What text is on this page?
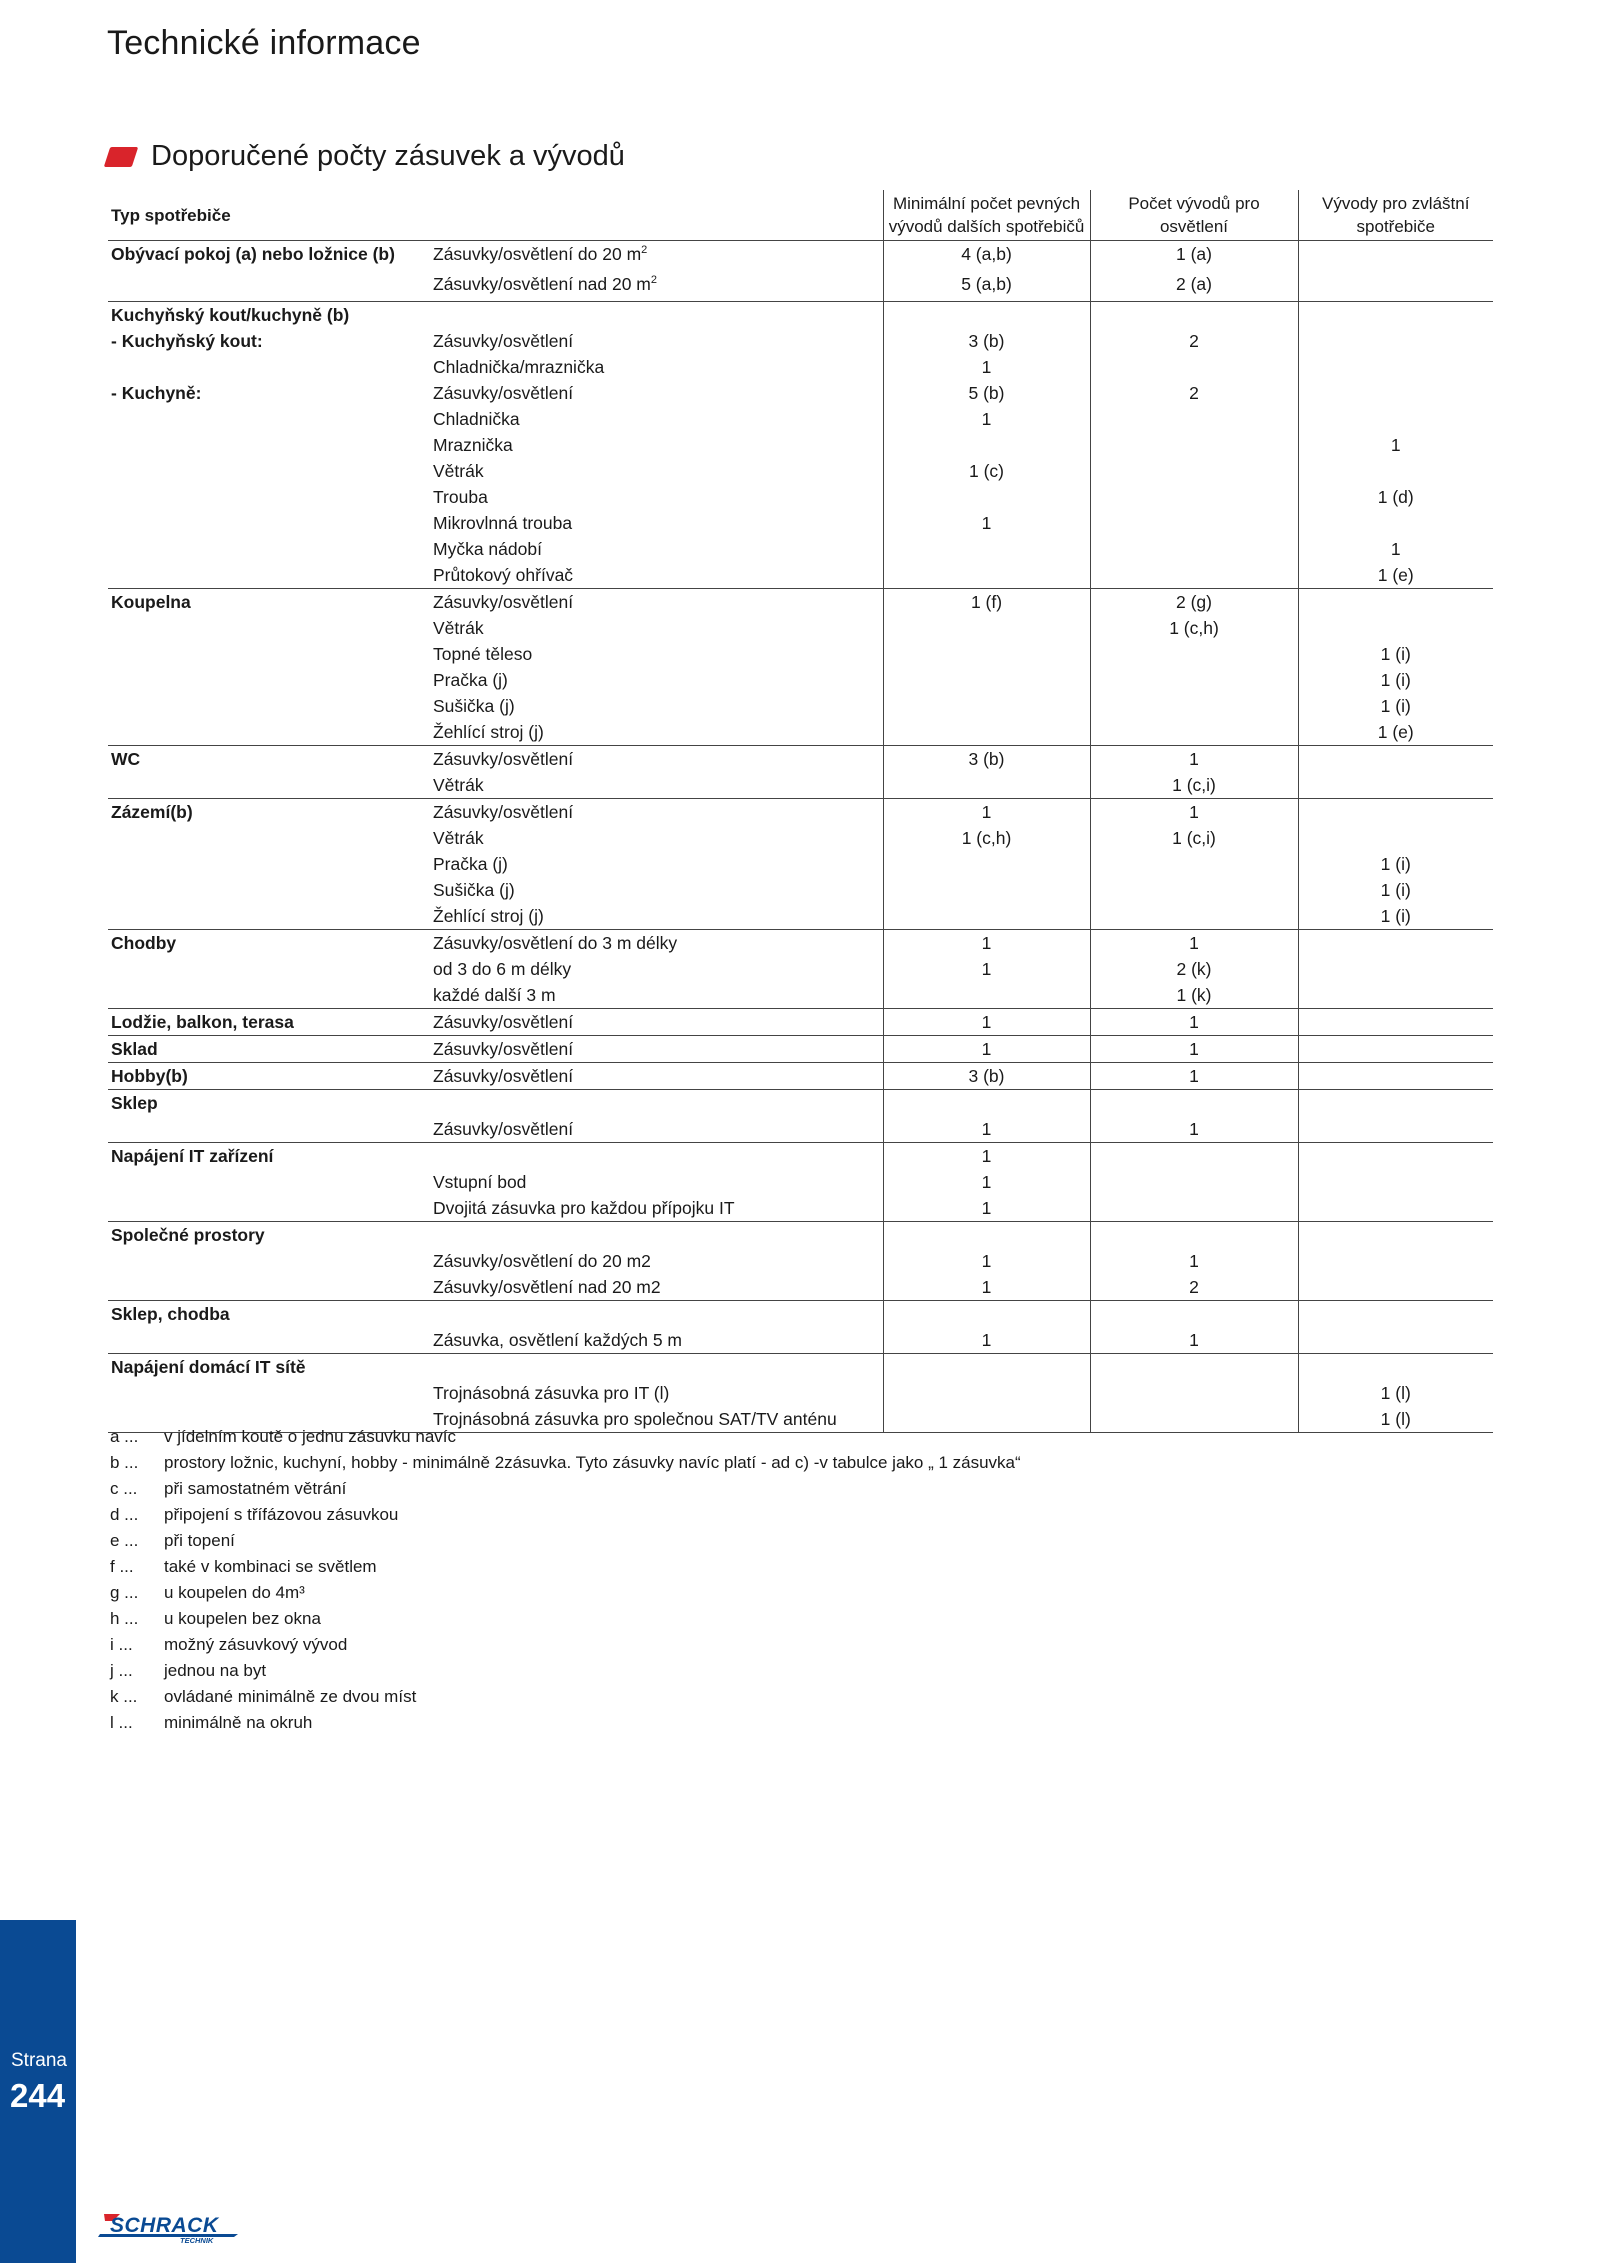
Technické informace
Doporučené počty zásuvek a vývodů
Typ spotřebiče		Minimální počet pevných vývodů dalších spotřebičů	Počet vývodů pro osvětlení	Vývody pro zvláštní spotřebiče
Obývací pokoj (a) nebo ložnice (b)	Zásuvky/osvětlení do 20 $m^2$	4 (a,b)	1 (a)	
	Zásuvky/osvětlení nad 20 $m^2$	5 (a,b)	2 (a)	
Kuchyňský kout/kuchyně (b)				
- Kuchyňský kout:	Zásuvky/osvětlení	3 (b)	2	
	Chladnička/mraznička	1		
- Kuchyně:	Zásuvky/osvětlení	5 (b)	2	
	Chladnička	1		
	Mraznička			1
	Větrák	1 (c)		
	Trouba			1 (d)
	Mikrovlnná trouba	1		
	Myčka nádobí			1
	Průtokový ohřívač			1 (e)
Koupelna	Zásuvky/osvětlení	1 (f)	2 (g)	
	Větrák		1 (c,h)	
	Topné těleso			1 (i)
	Pračka (j)			1 (i)
	Sušička (j)			1 (i)
	Žehlící stroj (j)			1 (e)
WC	Zásuvky/osvětlení	3 (b)	1	
	Větrák		1 (c,i)	
Zázemí(b)	Zásuvky/osvětlení	1	1	
	Větrák	1 (c,h)	1 (c,i)	
	Pračka (j)			1 (i)
	Sušička (j)			1 (i)
	Žehlící stroj (j)			1 (i)
Chodby	Zásuvky/osvětlení do 3 m délky	1	1	
	od 3 do 6 m délky	1	2 (k)	
	každé další 3 m		1 (k)	
Lodžie, balkon, terasa	Zásuvky/osvětlení	1	1	
Sklad	Zásuvky/osvětlení	1	1	
Hobby(b)	Zásuvky/osvětlení	3 (b)	1	
Sklep				
	Zásuvky/osvětlení	1	1	
Napájení IT zařízení		1		
	Vstupní bod	1		
	Dvojitá zásuvka pro každou přípojku IT	1		
Společné prostory				
	Zásuvky/osvětlení do 20 m2	1	1	
	Zásuvky/osvětlení nad 20 m2	1	2	
Sklep, chodba				
	Zásuvka, osvětlení každých 5 m	1	1	
Napájení domácí IT sítě				
	Trojnásobná zásuvka pro IT (l)			1 (l)
	Trojnásobná zásuvka pro společnou SAT/TV anténu			1 (l)
a ...	v jídelním koutě o jednu zásuvku navíc
b ...	prostory ložnic, kuchyní, hobby - minimálně 2zásuvka. Tyto zásuvky navíc platí - ad c) -v tabulce jako „ 1 zásuvka“
c ...	při samostatném větrání
d ...	připojení s třífázovou zásuvkou
e ...	při topení
f ...	také v kombinaci se světlem
g ...	u koupelen do 4m³
h ...	u koupelen bez okna
i ...	možný zásuvkový vývod
j ...	jednou na byt
k ...	ovládané minimálně ze dvou míst
l ...	minimálně na okruh
Strana
244
SCHRACK
TECHNIK
